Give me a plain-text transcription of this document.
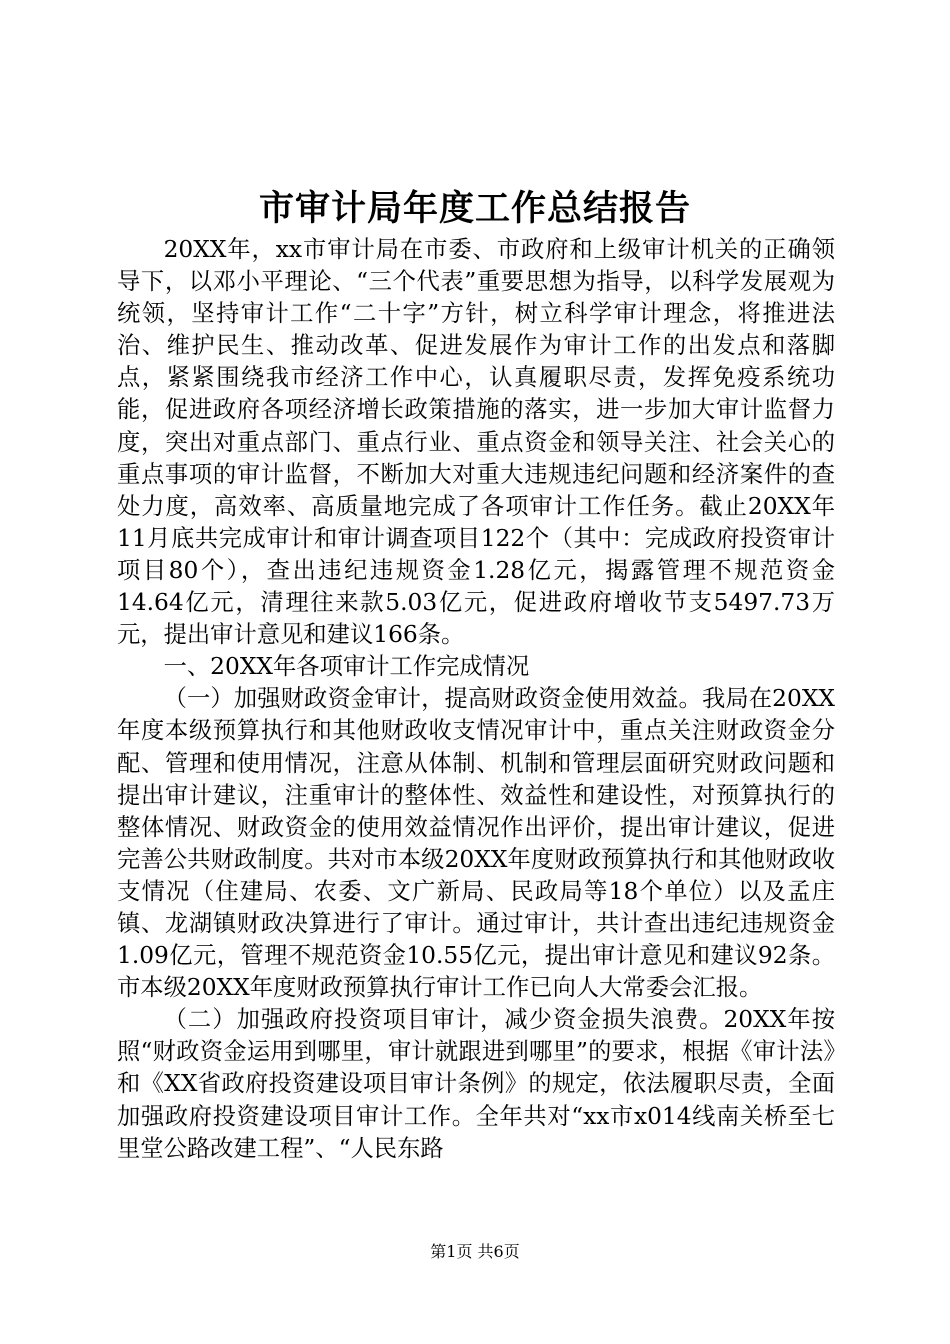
市审计局年度工作总结报告

20XX年，xx市审计局在市委、市政府和上级审计机关的正确领导下，以邓小平理论、“三个代表”重要思想为指导，以科学发展观为统领，坚持审计工作“二十字”方针，树立科学审计理念，将推进法治、维护民生、推动改革、促进发展作为审计工作的出发点和落脚点，紧紧围绕我市经济工作中心，认真履职尽责，发挥免疫系统功能，促进政府各项经济增长政策措施的落实，进一步加大审计监督力度，突出对重点部门、重点行业、重点资金和领导关注、社会关心的重点事项的审计监督，不断加大对重大违规违纪问题和经济案件的查处力度，高效率、高质量地完成了各项审计工作任务。截止20XX年11月底共完成审计和审计调查项目122个（其中：完成政府投资审计项目80个），查出违纪违规资金1.28亿元，揭露管理不规范资金14.64亿元，清理往来款5.03亿元，促进政府增收节支5497.73万元，提出审计意见和建议166条。

一、20XX年各项审计工作完成情况

（一）加强财政资金审计，提高财政资金使用效益。我局在20XX年度本级预算执行和其他财政收支情况审计中，重点关注财政资金分配、管理和使用情况，注意从体制、机制和管理层面研究财政问题和提出审计建议，注重审计的整体性、效益性和建设性，对预算执行的整体情况、财政资金的使用效益情况作出评价，提出审计建议，促进完善公共财政制度。共对市本级20XX年度财政预算执行和其他财政收支情况（住建局、农委、文广新局、民政局等18个单位）以及孟庄镇、龙湖镇财政决算进行了审计。通过审计，共计查出违纪违规资金1.09亿元，管理不规范资金10.55亿元，提出审计意见和建议92条。市本级20XX年度财政预算执行审计工作已向人大常委会汇报。

（二）加强政府投资项目审计，减少资金损失浪费。20XX年按照“财政资金运用到哪里，审计就跟进到哪里”的要求，根据《审计法》和《XX省政府投资建设项目审计条例》的规定，依法履职尽责，全面加强政府投资建设项目审计工作。全年共对“xx市x014线南关桥至七里堂公路改建工程”、“人民东路

第1页 共6页
